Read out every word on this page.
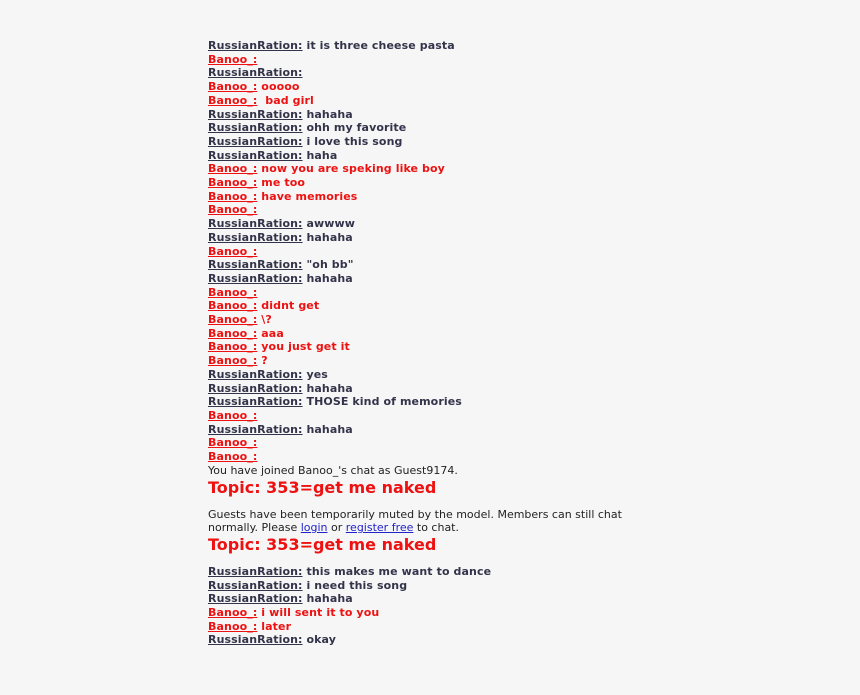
RussianRation: it is three cheese pasta
Banoo_:
RussianRation:
Banoo_: ooooo
Banoo_:  bad girl
RussianRation: hahaha
RussianRation: ohh my favorite
RussianRation: i love this song
RussianRation: haha
Banoo_: now you are speking like boy
Banoo_: me too
Banoo_: have memories
Banoo_:
RussianRation: awwww
RussianRation: hahaha
Banoo_:
RussianRation: "oh bb"
RussianRation: hahaha
Banoo_:
Banoo_: didnt get
Banoo_: \?
Banoo_: aaa
Banoo_: you just get it
Banoo_: ?
RussianRation: yes
RussianRation: hahaha
RussianRation: THOSE kind of memories
Banoo_:
RussianRation: hahaha
Banoo_:
Banoo_:
You have joined Banoo_'s chat as Guest9174.
Topic: 353=get me naked
Guests have been temporarily muted by the model. Members can still chat normally. Please login or register free to chat.
Topic: 353=get me naked
RussianRation: this makes me want to dance
RussianRation: i need this song
RussianRation: hahaha
Banoo_: i will sent it to you
Banoo_: later
RussianRation: okay
